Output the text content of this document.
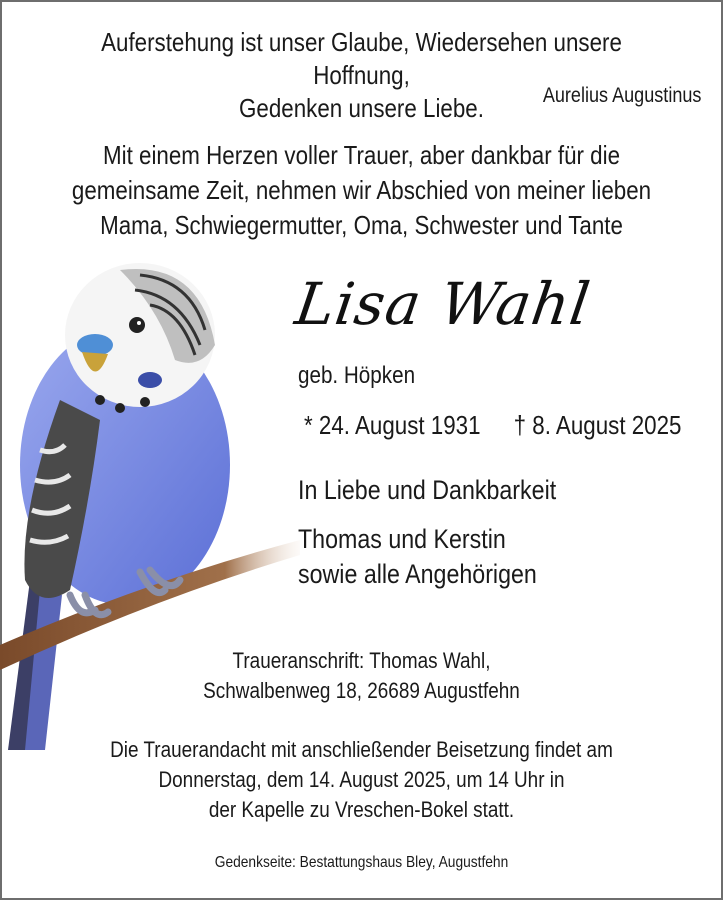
Auferstehung ist unser Glaube, Wiedersehen unsere Hoffnung,
Gedenken unsere Liebe.	Aurelius Augustinus
Mit einem Herzen voller Trauer, aber dankbar für die
gemeinsame Zeit, nehmen wir Abschied von meiner lieben
Mama, Schwiegermutter, Oma, Schwester und Tante
Lisa Wahl
geb. Höpken
* 24. August 1931 † 8. August 2025
In Liebe und Dankbarkeit
Thomas und Kerstin
sowie alle Angehörigen
Traueranschrift: Thomas Wahl,
Schwalbenweg 18, 26689 Augustfehn
Die Trauerandacht mit anschließender Beisetzung findet am
Donnerstag, dem 14. August 2025, um 14 Uhr in
der Kapelle zu Vreschen-Bokel statt.
Gedenkseite: Bestattungshaus Bley, Augustfehn
